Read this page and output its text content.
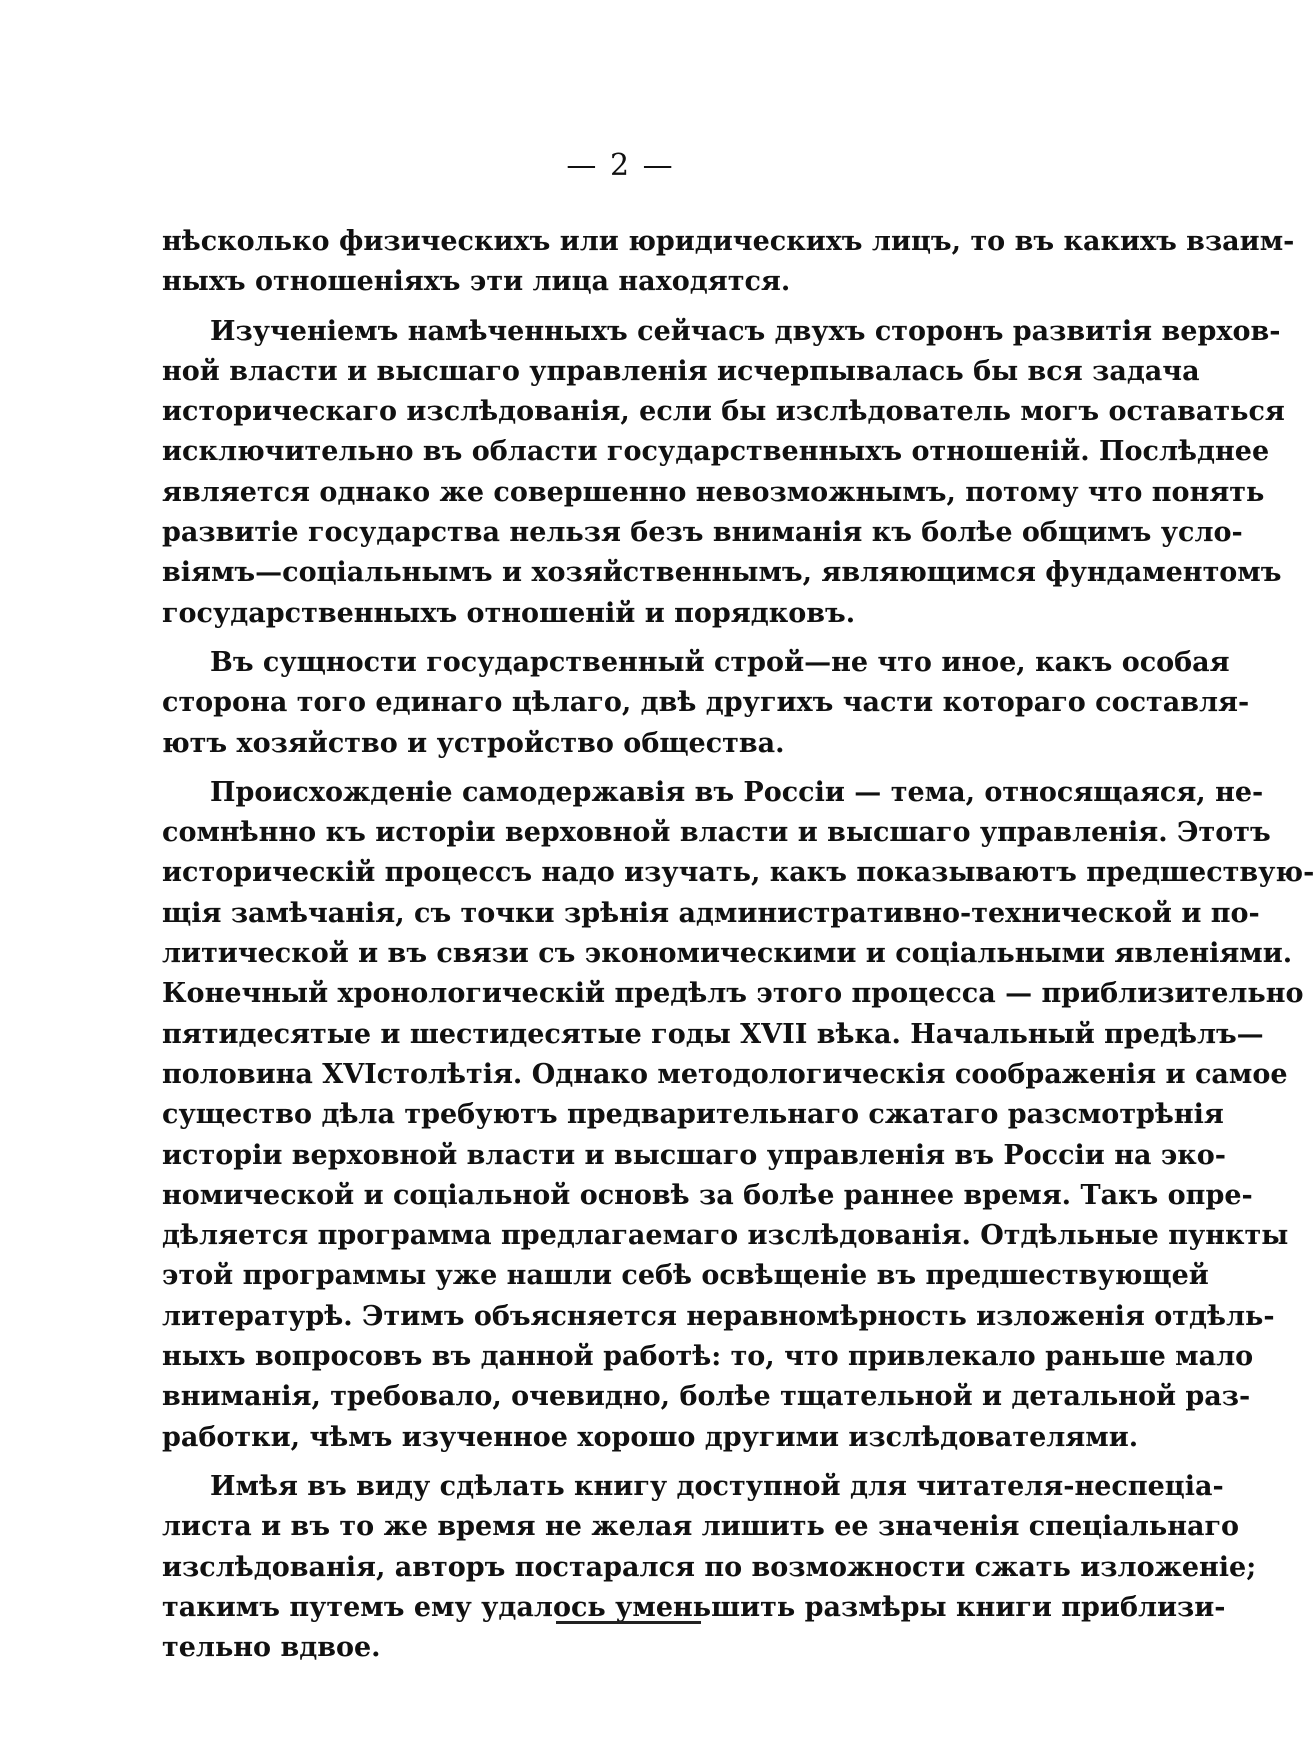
— 2 —
нѣсколько физическихъ или юридическихъ лицъ, то въ какихъ взаим-
ныхъ отношеніяхъ эти лица находятся.
Изученіемъ намѣченныхъ сейчасъ двухъ сторонъ развитія верхов-
ной власти и высшаго управленія исчерпывалась бы вся задача
историческаго изслѣдованія, если бы изслѣдователь могъ оставаться
исключительно въ области государственныхъ отношеній. Послѣднее
является однако же совершенно невозможнымъ, потому что понять
развитіе государства нельзя безъ вниманія къ болѣе общимъ усло-
віямъ—соціальнымъ и хозяйственнымъ, являющимся фундаментомъ
государственныхъ отношеній и порядковъ.
Въ сущности государственный строй—не что иное, какъ особая
сторона того единаго цѣлаго, двѣ другихъ части котораго составля-
ютъ хозяйство и устройство общества.
Происхожденіе самодержавія въ Россіи — тема, относящаяся, не-
сомнѣнно къ исторіи верховной власти и высшаго управленія. Этотъ
историческій процессъ надо изучать, какъ показываютъ предшествую-
щія замѣчанія, съ точки зрѣнія административно-технической и по-
литической и въ связи съ экономическими и соціальными явленіями.
Конечный хронологическій предѣлъ этого процесса — приблизительно
пятидесятые и шестидесятые годы XVII вѣка. Начальный предѣлъ—
половина XVIстолѣтія. Однако методологическія соображенія и самое
существо дѣла требуютъ предварительнаго сжатаго разсмотрѣнія
исторіи верховной власти и высшаго управленія въ Россіи на эко-
номической и соціальной основѣ за болѣе раннее время. Такъ опре-
дѣляется программа предлагаемаго изслѣдованія. Отдѣльные пункты
этой программы уже нашли себѣ освѣщеніе въ предшествующей
литературѣ. Этимъ объясняется неравномѣрность изложенія отдѣль-
ныхъ вопросовъ въ данной работѣ: то, что привлекало раньше мало
вниманія, требовало, очевидно, болѣе тщательной и детальной раз-
работки, чѣмъ изученное хорошо другими изслѣдователями.
Имѣя въ виду сдѣлать книгу доступной для читателя-неспеціа-
листа и въ то же время не желая лишить ее значенія спеціальнаго
изслѣдованія, авторъ постарался по возможности сжать изложеніе;
такимъ путемъ ему удалось уменьшить размѣры книги приблизи-
тельно вдвое.
